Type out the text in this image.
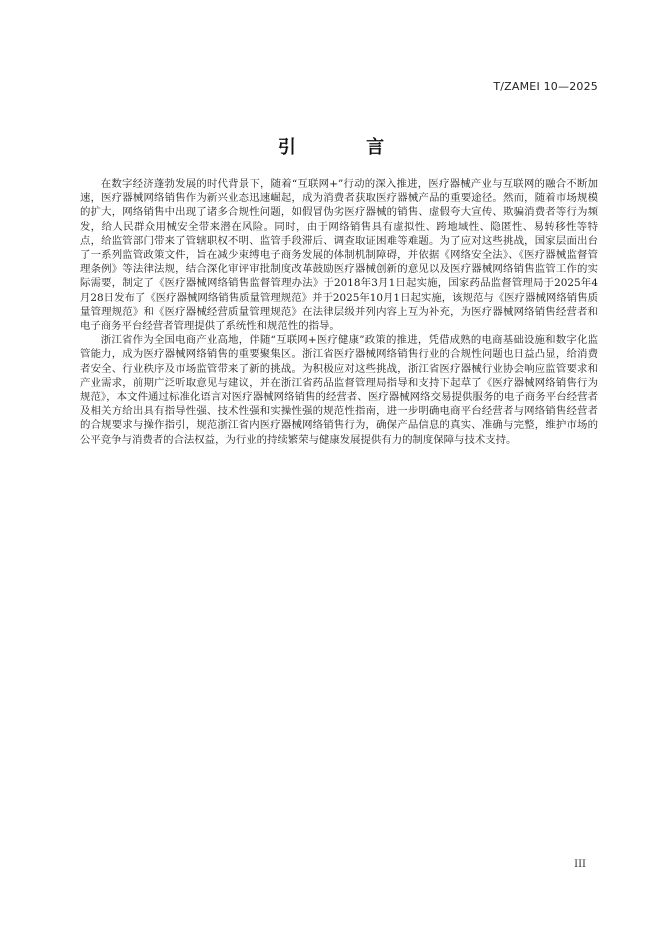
T/ZAMEI 10—2025
引 言

在数字经济蓬勃发展的时代背景下，随着“互联网+”行动的深入推进，医疗器械产业与互联网的融合不断加速，医疗器械网络销售作为新兴业态迅速崛起，成为消费者获取医疗器械产品的重要途径。然而，随着市场规模的扩大，网络销售中出现了诸多合规性问题，如假冒伪劣医疗器械的销售、虚假夸大宣传、欺骗消费者等行为频发，给人民群众用械安全带来潜在风险。同时，由于网络销售具有虚拟性、跨地域性、隐匿性、易转移性等特点，给监管部门带来了管辖职权不明、监管手段滞后、调查取证困难等难题。为了应对这些挑战，国家层面出台了一系列监管政策文件，旨在减少束缚电子商务发展的体制机制障碍，并依据《网络安全法》、《医疗器械监督管理条例》等法律法规，结合深化审评审批制度改革鼓励医疗器械创新的意见以及医疗器械网络销售监管工作的实际需要，制定了《医疗器械网络销售监督管理办法》于2018年3月1日起实施，国家药品监督管理局于2025年4月28日发布了《医疗器械网络销售质量管理规范》并于2025年10月1日起实施，该规范与《医疗器械网络销售质量管理规范》和《医疗器械经营质量管理规范》在法律层级并列内容上互为补充，为医疗器械网络销售经营者和电子商务平台经营者管理提供了系统性和规范性的指导。

浙江省作为全国电商产业高地，伴随“互联网+医疗健康”政策的推进，凭借成熟的电商基础设施和数字化监管能力，成为医疗器械网络销售的重要聚集区。浙江省医疗器械网络销售行业的合规性问题也日益凸显，给消费者安全、行业秩序及市场监管带来了新的挑战。为积极应对这些挑战，浙江省医疗器械行业协会响应监管要求和产业需求，前期广泛听取意见与建议，并在浙江省药品监督管理局指导和支持下起草了《医疗器械网络销售行为规范》，本文件通过标准化语言对医疗器械网络销售的经营者、医疗器械网络交易提供服务的电子商务平台经营者及相关方给出具有指导性强、技术性强和实操性强的规范性指南，进一步明确电商平台经营者与网络销售经营者的合规要求与操作指引，规范浙江省内医疗器械网络销售行为，确保产品信息的真实、准确与完整，维护市场的公平竞争与消费者的合法权益，为行业的持续繁荣与健康发展提供有力的制度保障与技术支持。

III
